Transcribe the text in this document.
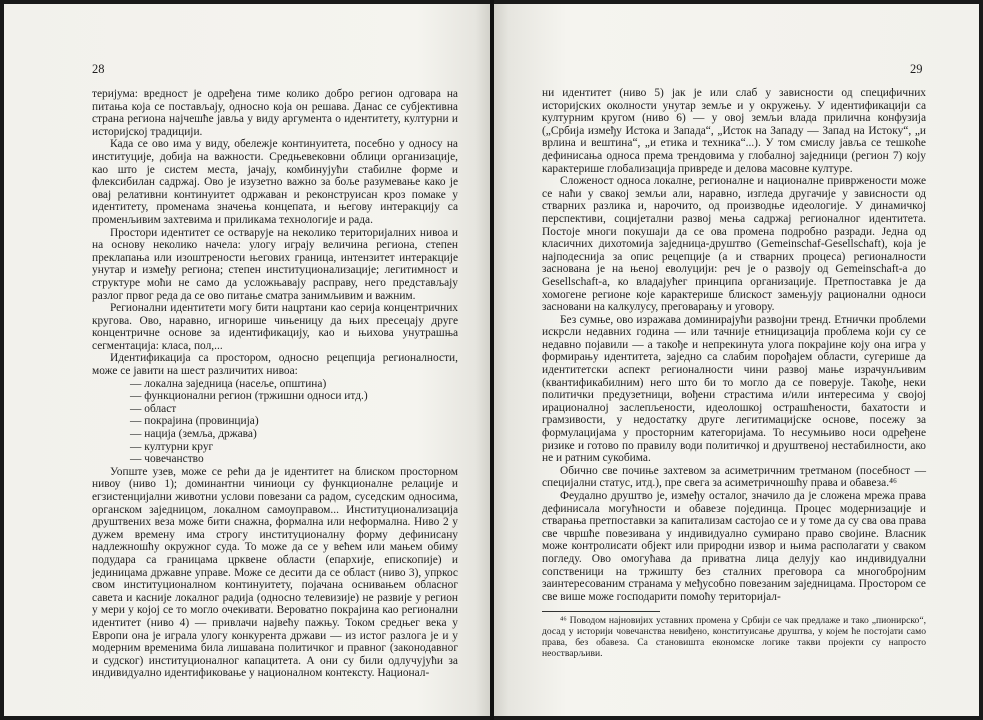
28

теријума: вредност је одређена тиме колико добро регион одговара на питања која се постављају, односно која он решава. Данас се субјективна страна региона најчешће јавља у виду аргумента о идентитету, културни и историјској традицији.

Када се ово има у виду, обележје континуитета, посебно у односу на институције, добија на важности. Средњевековни облици организације, као што је систем места, јачају, комбинујући стабилне форме и флексибилан садржај. Ово је изузетно важно за боље разумевање како је овај релативни континуитет одржаван и реконструисан кроз помаке у идентитету, променама значења концепата, и његову интеракцију са променљивим захтевима и приликама технологије и рада.

Простори идентитет се остварује на неколико територијалних нивоа и на основу неколико начела: улогу играју величина региона, степен преклапања или изоштрености његових граница, интензитет интеракције унутар и између региона; степен институционализације; легитимност и структуре моћи не само да усложњавају расправу, него представљају разлог првог реда да се ово питање сматра занимљивим и важним.

Регионални идентитети могу бити нацртани као серија концентричних кругова. Ово, наравно, игнорише чињеницу да њих пресецају друге концентричне основе за идентификацију, као и њихова унутрашња сегментација: класа, пол,...

Идентификација са простором, односно рецепција регионалности, може се јавити на шест различитих нивоа:

— локална заједница (насеље, општина)
— функционални регион (тржишни односи итд.)
— област
— покрајина (провинција)
— нација (земља, држава)
— културни круг
— човечанство

Уопште узев, може се рећи да је идентитет на блиском просторном нивоу (ниво 1); доминантни чиниоци су функционалне релације и егзистенцијални животни услови повезани са радом, суседским односима, органском заједницом, локалном самоуправом... Институционализација друштвених веза може бити снажна, формална или неформална. Ниво 2 у дужем времену има строгу институционалну форму дефинисану надлежношћу окружног суда. То може да се у већем или мањем обиму подудара са границама црквене области (епархије, епископије) и јединицама државне управе. Може се десити да се област (ниво 3), упркос свом институционалном континуитету, појачана оснивањем обласног савета и касније локалног радија (односно телевизије) не развије у регион у мери у којој се то могло очекивати. Вероватно покрајина као регионални идентитет (ниво 4) — привлачи највећу пажњу. Током средњег века у Европи она је играла улогу конкурента држави — из истог разлога је и у модерним временима била лишавана политичког и правног (законодавног и судског) институционалног капацитета. А они су били одлучујући за индивидуално идентификовање у националном контексту. Национал-

29

ни идентитет (ниво 5) јак је или слаб у зависности од специфичних историјских околности унутар земље и у окружењу. У идентификацији са културним кругом (ниво 6) — у овој земљи влада прилична конфузија („Србија између Истока и Запада“, „Исток на Западу — Запад на Истоку“, „и врлина и вештина“, „и етика и техника“...). У том смислу јавља се тешкоће дефинисања односа према трендовима у глобалној заједници (регион 7) коју карактерише глобализација привреде и делова масовне културе.

Сложеност односа локалне, регионалне и националне привржености може се наћи у свакој земљи али, наравно, изгледа другачије у зависности од стварних разлика и, нарочито, од производње идеологије. У динамичкој перспективи, социјетални развој мења садржај регионалног идентитета. Постоје многи покушаји да се ова промена подробно разради. Једна од класичних дихотомија заједница-друштво (Gemeinschaf-Gesellschaft), која је најподеснија за опис рецепције (а и стварних процеса) регионалности заснована је на њеној еволуцији: реч је о развоју од Gemeinschaft-а до Gesellschaft-а, ко владајућег принципа организације. Претпоставка је да хомогене регионе које карактерише блискост замењују рационални односи засновани на калкулусу, преговарању и уговору.

Без сумње, ово изражава доминирајући развојни тренд. Етнички проблеми искрсли недавних година — или тачније етницизација проблема који су се недавно појавили — а такође и непрекинута улога покрајине коју она игра у формирању идентитета, заједно са слабим порођајем области, сугерише да идентитетски аспект регионалности чини развој мање израчунљивим (квантификабилним) него што би то могло да се поверује. Такође, неки политички предузетници, вођени страстима и/или интересима у својој ирационалној заслепљености, идеолошкој острашћености, бахатости и грамзивости, у недостатку друге легитимацијске основе, посежу за формулацијама у просторним категоријама. То несумњиво носи одређене ризике и готово по правилу води политичкој и друштвеној нестабилности, ако не и ратним сукобима.

Обично све почиње захтевом за асиметричним третманом (посебност — специјални статус, итд.), пре свега за асиметричношћу права и обавеза.⁴⁶

Феудално друштво је, између осталог, значило да је сложена мрежа права дефинисала могућности и обавезе појединца. Процес модернизације и стварања претпоставки за капитализам састојао се и у томе да су сва ова права све чвршће повезивана у индивидуално сумирано право својине. Власник може контролисати објект или природни извор и њима располагати у сваком погледу. Ово омогућава да приватна лица делују као индивидуални сопственици на тржишту без сталних преговора са многобројним заинтересованим странама у међусобно повезаним заједницама. Простором се све више може господарити помоћу територијал-

⁴⁶ Поводом најновијих уставних промена у Србији се чак предлаже и тако „пионирско“, досад у историји човечанства невиђено, конституисање друштва, у којем ће постојати само права, без обавеза. Са становишта економске логике такви пројекти су напросто неостварљиви.
